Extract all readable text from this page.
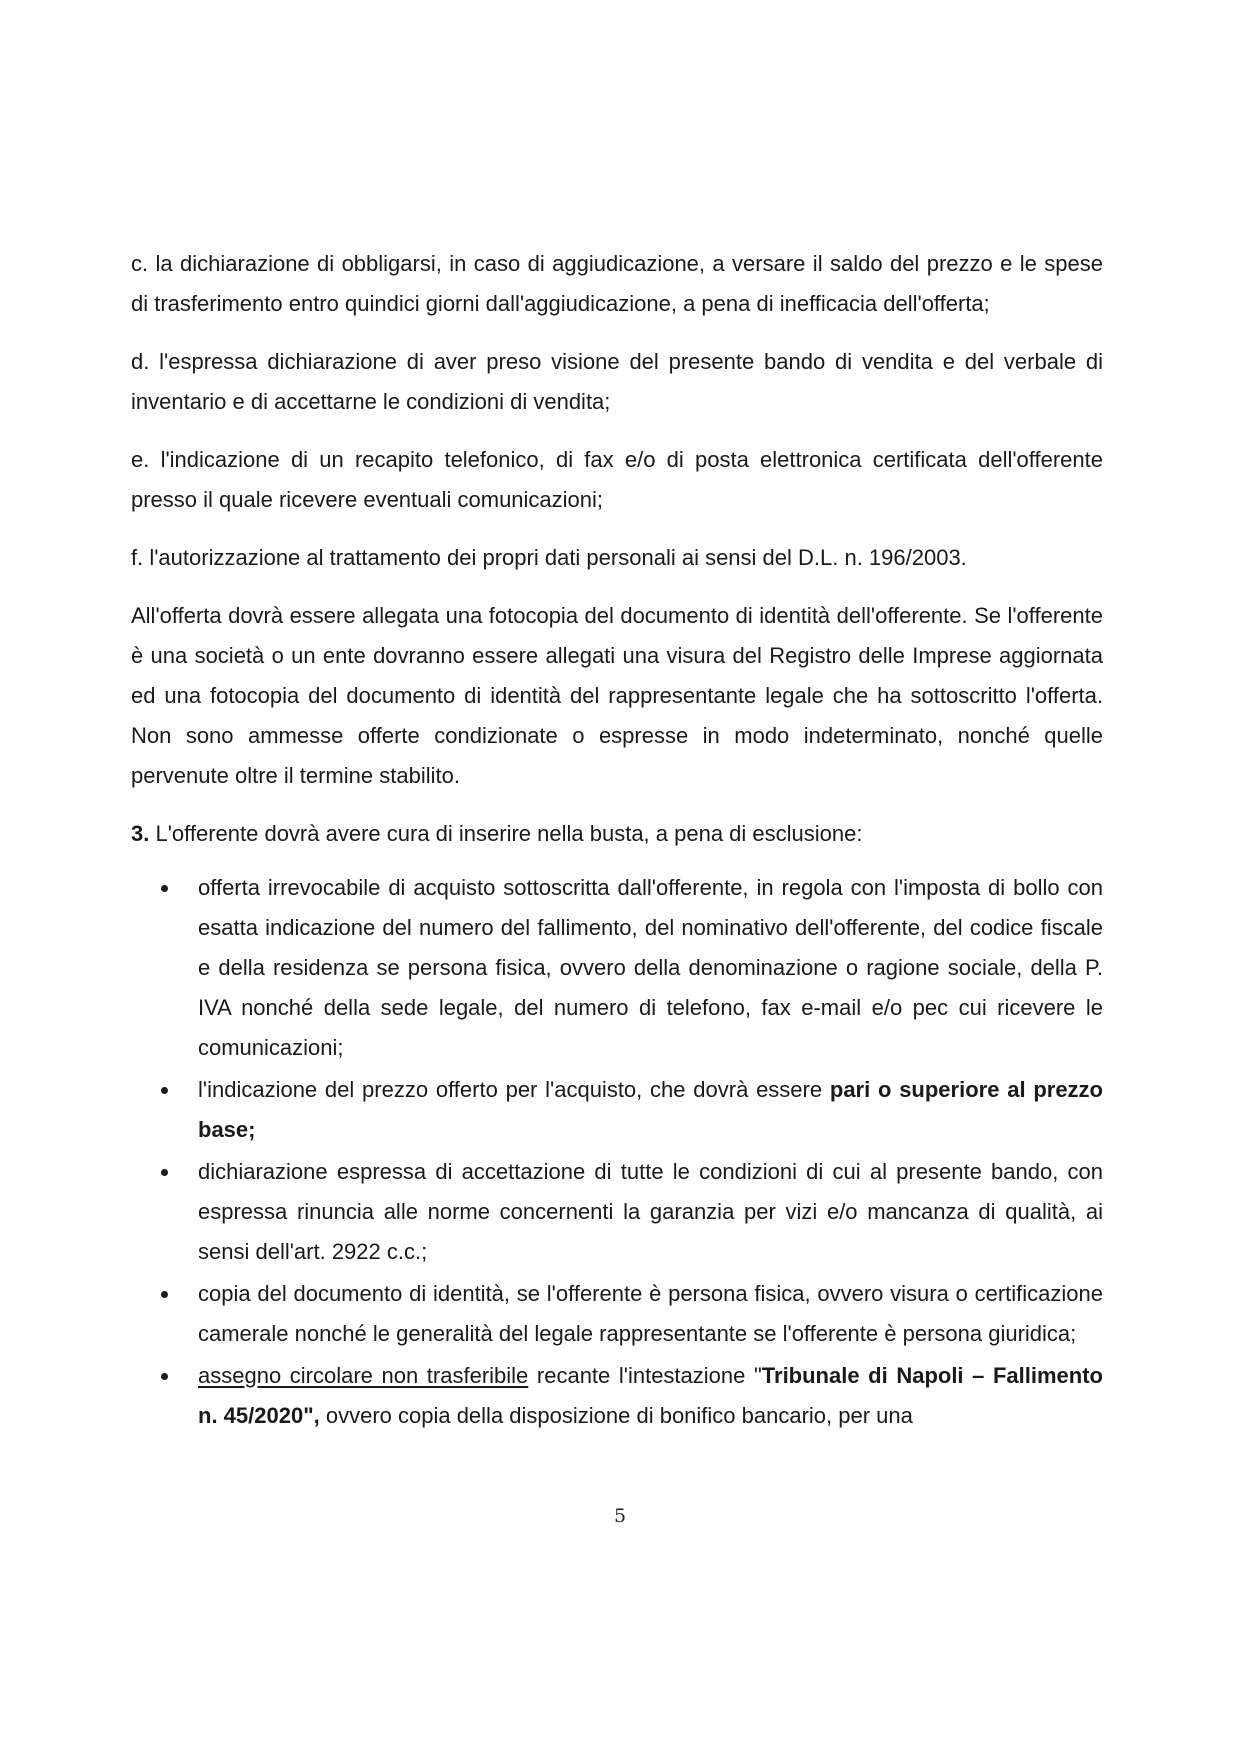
c. la dichiarazione di obbligarsi, in caso di aggiudicazione, a versare il saldo del prezzo e le spese di trasferimento entro quindici giorni dall'aggiudicazione, a pena di inefficacia dell'offerta;

d. l'espressa dichiarazione di aver preso visione del presente bando di vendita e del verbale di inventario e di accettarne le condizioni di vendita;

e. l'indicazione di un recapito telefonico, di fax e/o di posta elettronica certificata dell'offerente presso il quale ricevere eventuali comunicazioni;

f. l'autorizzazione al trattamento dei propri dati personali ai sensi del D.L. n. 196/2003.

All'offerta dovrà essere allegata una fotocopia del documento di identità dell'offerente. Se l'offerente è una società o un ente dovranno essere allegati una visura del Registro delle Imprese aggiornata ed una fotocopia del documento di identità del rappresentante legale che ha sottoscritto l'offerta. Non sono ammesse offerte condizionate o espresse in modo indeterminato, nonché quelle pervenute oltre il termine stabilito.

3. L'offerente dovrà avere cura di inserire nella busta, a pena di esclusione:

offerta irrevocabile di acquisto sottoscritta dall'offerente, in regola con l'imposta di bollo con esatta indicazione del numero del fallimento, del nominativo dell'offerente, del codice fiscale e della residenza se persona fisica, ovvero della denominazione o ragione sociale, della P. IVA nonché della sede legale, del numero di telefono, fax e-mail e/o pec cui ricevere le comunicazioni;
l'indicazione del prezzo offerto per l'acquisto, che dovrà essere pari o superiore al prezzo base;
dichiarazione espressa di accettazione di tutte le condizioni di cui al presente bando, con espressa rinuncia alle norme concernenti la garanzia per vizi e/o mancanza di qualità, ai sensi dell'art. 2922 c.c.;
copia del documento di identità, se l'offerente è persona fisica, ovvero visura o certificazione camerale nonché le generalità del legale rappresentante se l'offerente è persona giuridica;
assegno circolare non trasferibile recante l'intestazione "Tribunale di Napoli – Fallimento n. 45/2020", ovvero copia della disposizione di bonifico bancario, per una
5
